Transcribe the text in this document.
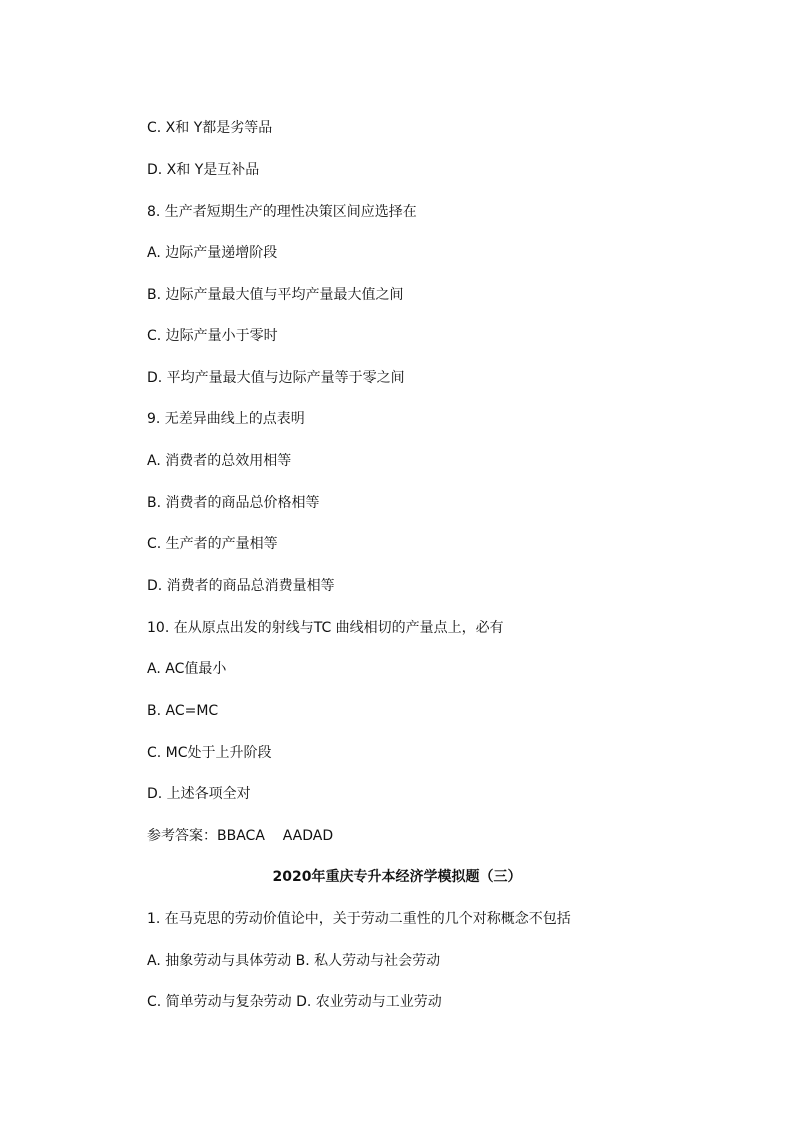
C. X和 Y都是劣等品
D. X和 Y是互补品
8. 生产者短期生产的理性决策区间应选择在
A. 边际产量递增阶段
B. 边际产量最大值与平均产量最大值之间
C. 边际产量小于零时
D. 平均产量最大值与边际产量等于零之间
9. 无差异曲线上的点表明
A. 消费者的总效用相等
B. 消费者的商品总价格相等
C. 生产者的产量相等
D. 消费者的商品总消费量相等
10. 在从原点出发的射线与TC 曲线相切的产量点上，必有
A. AC值最小
B. AC=MC
C. MC处于上升阶段
D. 上述各项全对
参考答案：BBACA    AADAD
2020年重庆专升本经济学模拟题（三）
1. 在马克思的劳动价值论中，关于劳动二重性的几个对称概念不包括
A. 抽象劳动与具体劳动 B. 私人劳动与社会劳动
C. 简单劳动与复杂劳动 D. 农业劳动与工业劳动
